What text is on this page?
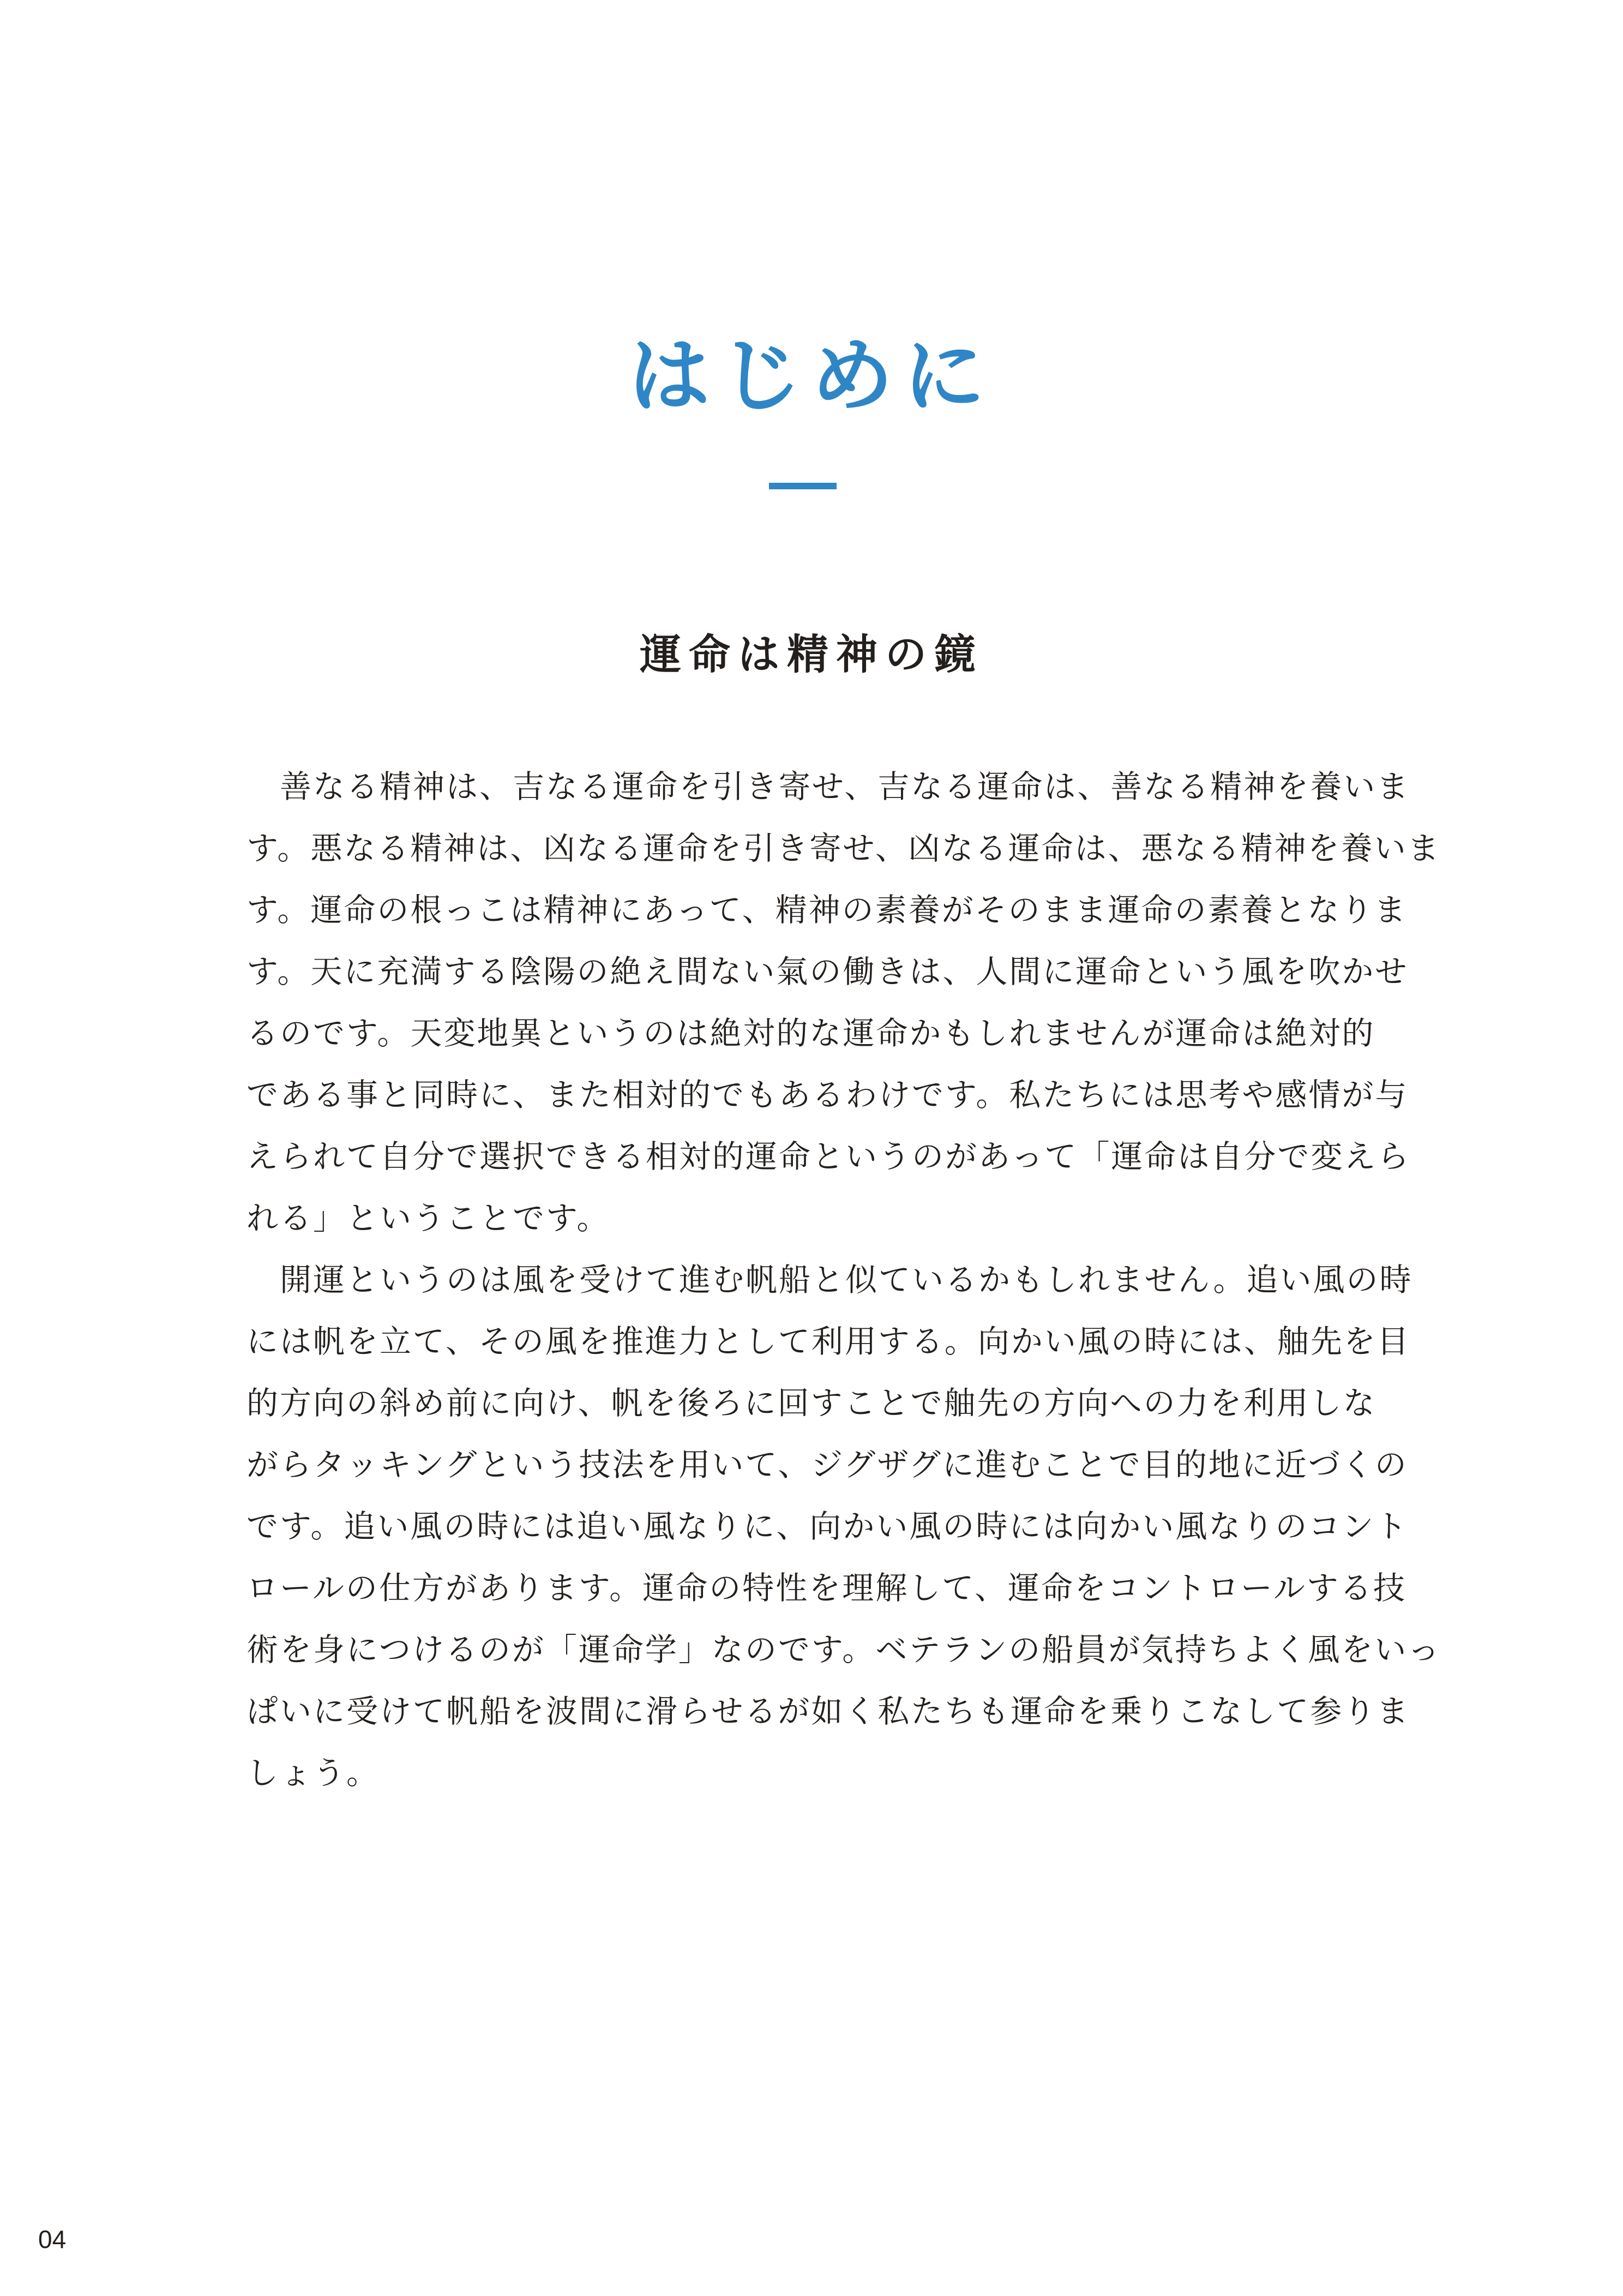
はじめに
運命は精神の鏡
　善なる精神は、吉なる運命を引き寄せ、吉なる運命は、善なる精神を養いま
す。悪なる精神は、凶なる運命を引き寄せ、凶なる運命は、悪なる精神を養いま
す。運命の根っこは精神にあって、精神の素養がそのまま運命の素養となりま
す。天に充満する陰陽の絶え間ない氣の働きは、人間に運命という風を吹かせ
るのです。天変地異というのは絶対的な運命かもしれませんが運命は絶対的
である事と同時に、また相対的でもあるわけです。私たちには思考や感情が与
えられて自分で選択できる相対的運命というのがあって「運命は自分で変えら
れる」ということです。
　開運というのは風を受けて進む帆船と似ているかもしれません。追い風の時
には帆を立て、その風を推進力として利用する。向かい風の時には、舳先を目
的方向の斜め前に向け、帆を後ろに回すことで舳先の方向への力を利用しな
がらタッキングという技法を用いて、ジグザグに進むことで目的地に近づくの
です。追い風の時には追い風なりに、向かい風の時には向かい風なりのコント
ロールの仕方があります。運命の特性を理解して、運命をコントロールする技
術を身につけるのが「運命学」なのです。ベテランの船員が気持ちよく風をいっ
ぱいに受けて帆船を波間に滑らせるが如く私たちも運命を乗りこなして参りま
しょう。
04
